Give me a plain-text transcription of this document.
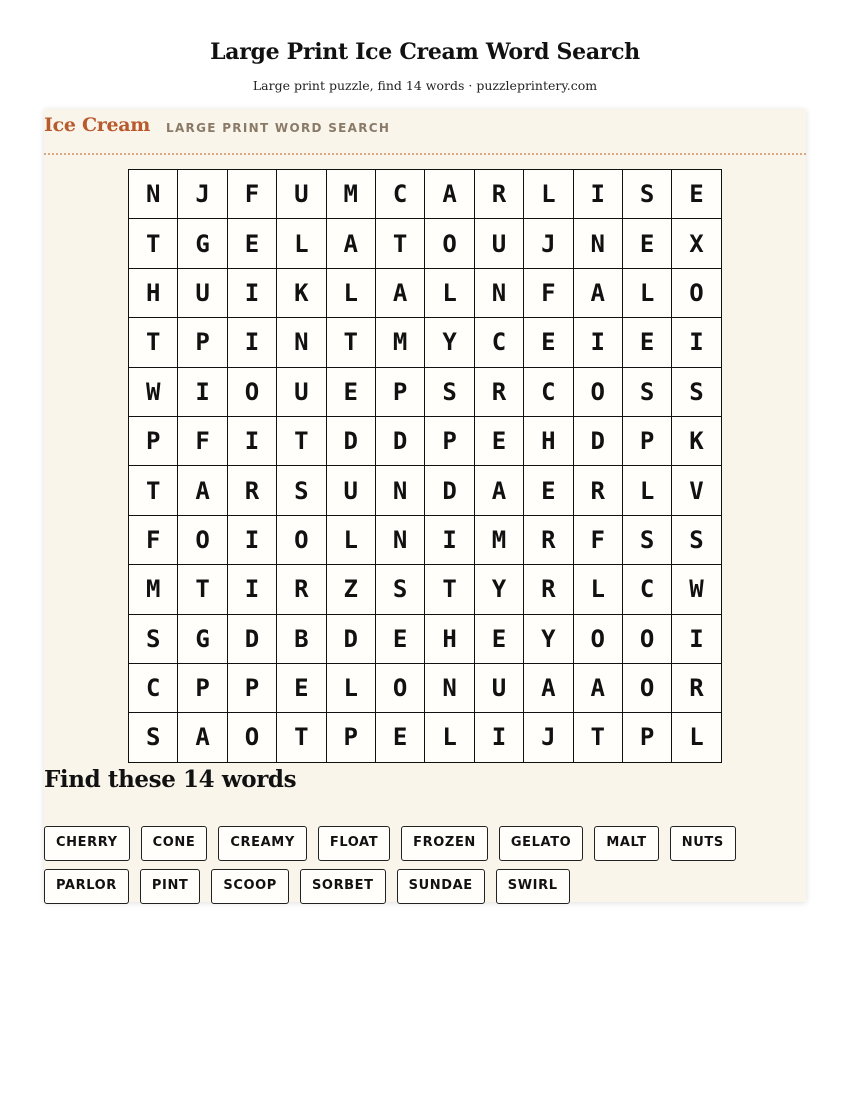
Large Print Ice Cream Word Search
Large print puzzle, find 14 words · puzzleprintery.com
Ice Cream LARGE PRINT WORD SEARCH
N	J	F	U	M	C	A	R	L	I	S	E
T	G	E	L	A	T	O	U	J	N	E	X
H	U	I	K	L	A	L	N	F	A	L	O
T	P	I	N	T	M	Y	C	E	I	E	I
W	I	O	U	E	P	S	R	C	O	S	S
P	F	I	T	D	D	P	E	H	D	P	K
T	A	R	S	U	N	D	A	E	R	L	V
F	O	I	O	L	N	I	M	R	F	S	S
M	T	I	R	Z	S	T	Y	R	L	C	W
S	G	D	B	D	E	H	E	Y	O	O	I
C	P	P	E	L	O	N	U	A	A	O	R
S	A	O	T	P	E	L	I	J	T	P	L
Find these 14 words
CHERRY	CONE	CREAMY	FLOAT	FROZEN	GELATO	MALT	NUTS
PARLOR	PINT	SCOOP	SORBET	SUNDAE	SWIRL
